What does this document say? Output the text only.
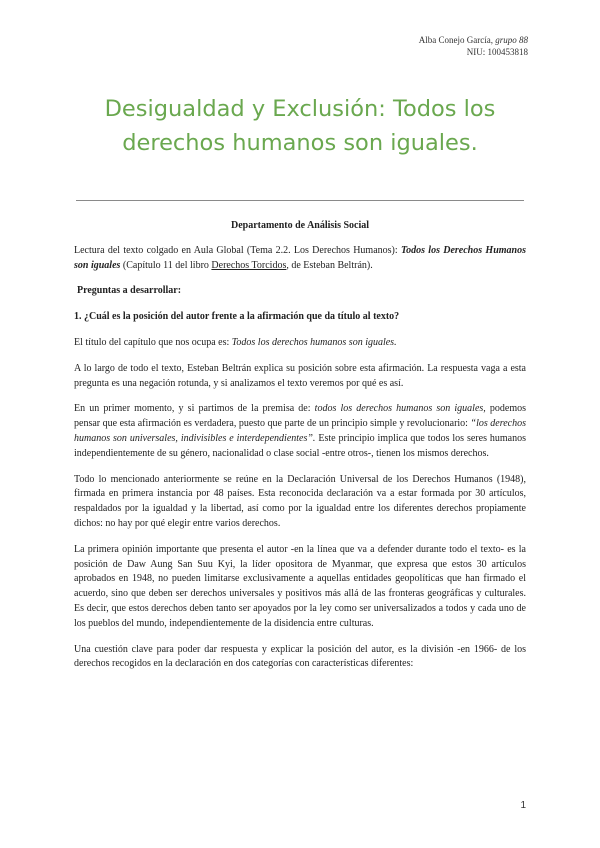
Alba Conejo García, grupo 88
NIU: 100453818
Desigualdad y Exclusión: Todos los derechos humanos son iguales.
Departamento de Análisis Social

Lectura del texto colgado en Aula Global (Tema 2.2. Los Derechos Humanos): Todos los Derechos Humanos son iguales (Capítulo 11 del libro Derechos Torcidos, de Esteban Beltrán).

Preguntas a desarrollar:

1. ¿Cuál es la posición del autor frente a la afirmación que da título al texto?

El título del capítulo que nos ocupa es: Todos los derechos humanos son iguales.

A lo largo de todo el texto, Esteban Beltrán explica su posición sobre esta afirmación. La respuesta vaga a esta pregunta es una negación rotunda, y si analizamos el texto veremos por qué es así.

En un primer momento, y si partimos de la premisa de: todos los derechos humanos son iguales, podemos pensar que esta afirmación es verdadera, puesto que parte de un principio simple y revolucionario: “los derechos humanos son universales, indivisibles e interdependientes”. Este principio implica que todos los seres humanos independientemente de su género, nacionalidad o clase social -entre otros-, tienen los mismos derechos.

Todo lo mencionado anteriormente se reúne en la Declaración Universal de los Derechos Humanos (1948), firmada en primera instancia por 48 países. Esta reconocida declaración va a estar formada por 30 artículos, respaldados por la igualdad y la libertad, así como por la igualdad entre los diferentes derechos propiamente dichos: no hay por qué elegir entre varios derechos.

La primera opinión importante que presenta el autor -en la línea que va a defender durante todo el texto- es la posición de Daw Aung San Suu Kyi, la líder opositora de Myanmar, que expresa que estos 30 artículos aprobados en 1948, no pueden limitarse exclusivamente a aquellas entidades geopolíticas que han firmado el acuerdo, sino que deben ser derechos universales y positivos más allá de las fronteras geográficas y culturales. Es decir, que estos derechos deben tanto ser apoyados por la ley como ser universalizados a todos y cada uno de los pueblos del mundo, independientemente de la disidencia entre culturas.

Una cuestión clave para poder dar respuesta y explicar la posición del autor, es la división -en 1966- de los derechos recogidos en la declaración en dos categorías con características diferentes:

1
